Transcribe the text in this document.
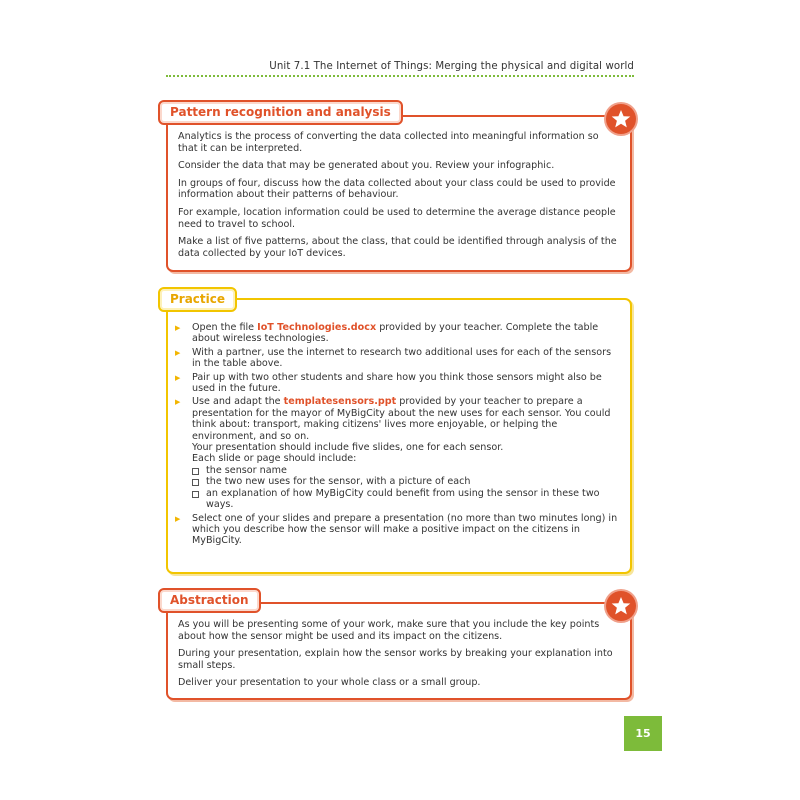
Unit 7.1 The Internet of Things: Merging the physical and digital world
Pattern recognition and analysis

Analytics is the process of converting the data collected into meaningful information so that it can be interpreted.

Consider the data that may be generated about you. Review your infographic.

In groups of four, discuss how the data collected about your class could be used to provide information about their patterns of behaviour.

For example, location information could be used to determine the average distance people need to travel to school.

Make a list of five patterns, about the class, that could be identified through analysis of the data collected by your IoT devices.

Practice
▶ Open the file IoT Technologies.docx provided by your teacher. Complete the table about wireless technologies.
▶ With a partner, use the internet to research two additional uses for each of the sensors in the table above.
▶ Pair up with two other students and share how you think those sensors might also be used in the future.
▶ Use and adapt the templatesensors.ppt provided by your teacher to prepare a presentation for the mayor of MyBigCity about the new uses for each sensor. You could think about: transport, making citizens' lives more enjoyable, or helping the environment, and so on.
Your presentation should include five slides, one for each sensor.
Each slide or page should include:
the sensor name
the two new uses for the sensor, with a picture of each
an explanation of how MyBigCity could benefit from using the sensor in these two ways.
▶ Select one of your slides and prepare a presentation (no more than two minutes long) in which you describe how the sensor will make a positive impact on the citizens in MyBigCity.
Abstraction

As you will be presenting some of your work, make sure that you include the key points about how the sensor might be used and its impact on the citizens.

During your presentation, explain how the sensor works by breaking your explanation into small steps.

Deliver your presentation to your whole class or a small group.

15
